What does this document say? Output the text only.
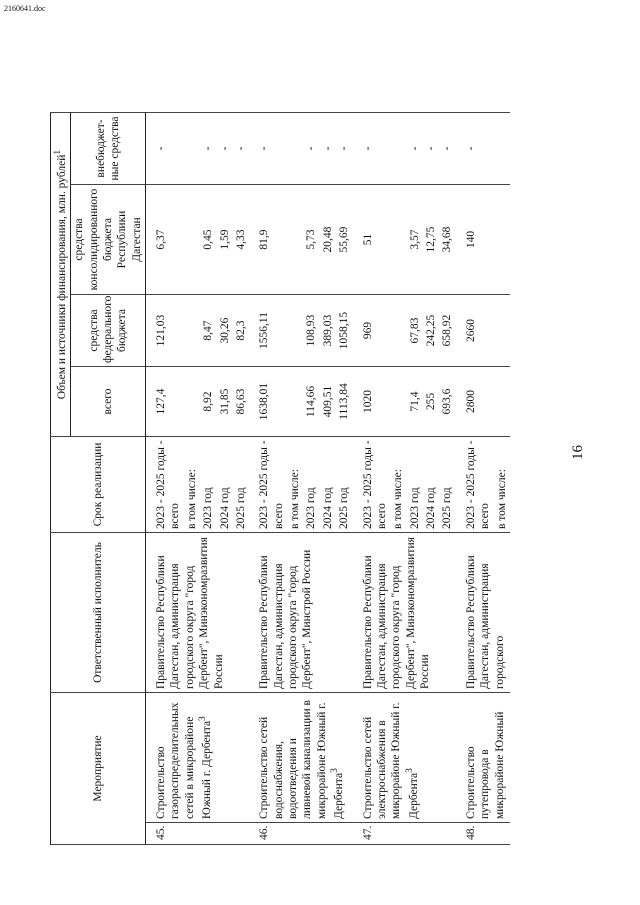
Мероприятие		Ответственный исполнитель	Срок реализации	Объем и источники финансирования, млн. рублей$^1$	
				всего	средства федерального бюджета	средства консолидированного бюджета Республики Дагестан	внебюджет-ные средства	
45.	Строительство газораспределительных сетей в микрорайоне Южный г. Дербента$^3$	Правительство Республики Дагестан, администрация городского округа "город Дербент", Минэкономразвития России	2023 - 2025 годы - всего	127,4	121,03	6,37	-	
			в том числе:					
			2023 год	8,92	8,47	0,45	-	
			2024 год	31,85	30,26	1,59	-	
			2025 год	86,63	82,3	4,33	-	
46.	Строительство сетей водоснабжения, водоотведения и ливневой канализации в микрорайоне Южный г. Дербента$^3$	Правительство Республики Дагестан, администрация городского округа "город Дербент", Минстрой России	2023 - 2025 годы - всего	1638,01	1556,11	81,9	-	
			в том числе:					
			2023 год	114,66	108,93	5,73	-	
			2024 год	409,51	389,03	20,48	-	
			2025 год	1113,84	1058,15	55,69	-	
47.	Строительство сетей электроснабжения в микрорайоне Южный г. Дербента$^3$	Правительство Республики Дагестан, администрация городского округа "город Дербент", Минэкономразвития России	2023 - 2025 годы - всего	1020	969	51	-	
			в том числе:					
			2023 год	71,4	67,83	3,57	-	
			2024 год	255	242,25	12,75	-	
			2025 год	693,6	658,92	34,68	-	
48.	Строительство путепровода в микрорайоне Южный	Правительство Республики Дагестан, администрация городского	2023 - 2025 годы - всего	2800	2660	140	-	
			в том числе:					
16
2160641.doc
